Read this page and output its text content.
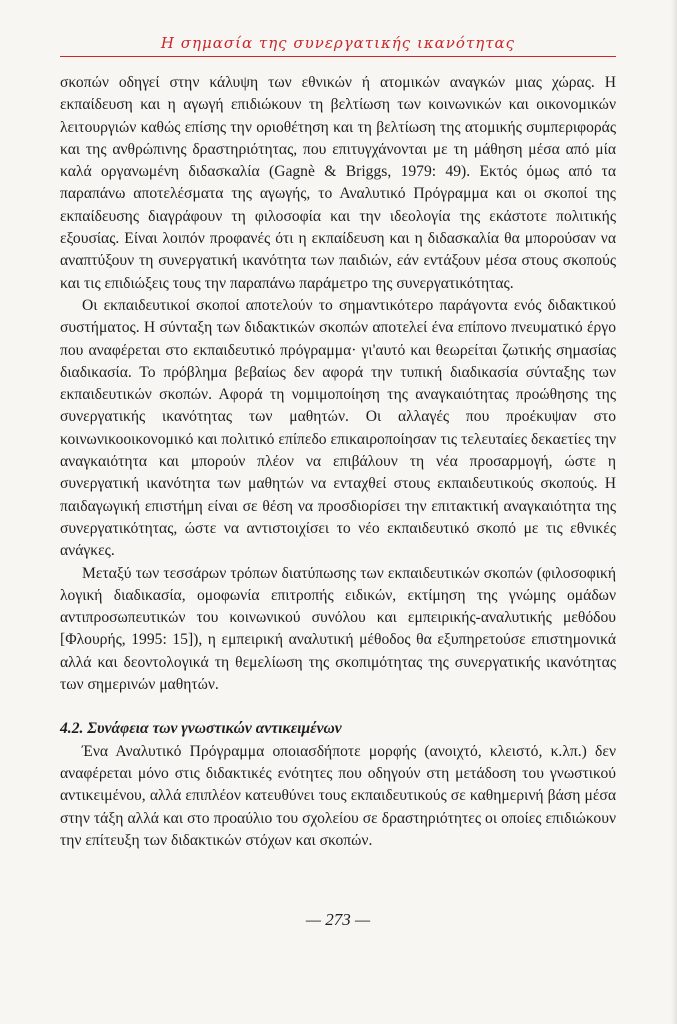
Η σημασία της συνεργατικής ικανότητας

σκοπών οδηγεί στην κάλυψη των εθνικών ή ατομικών αναγκών μιας χώρας. Η εκπαίδευση και η αγωγή επιδιώκουν τη βελτίωση των κοινωνικών και οικονομικών λειτουργιών καθώς επίσης την οριοθέτηση και τη βελτίωση της ατομικής συμπεριφοράς και της ανθρώπινης δραστηριότητας, που επιτυγχάνονται με τη μάθηση μέσα από μία καλά οργανωμένη διδασκαλία (Gagnè & Briggs, 1979: 49). Εκτός όμως από τα παραπάνω αποτελέσματα της αγωγής, το Αναλυτικό Πρόγραμμα και οι σκοποί της εκπαίδευσης διαγράφουν τη φιλοσοφία και την ιδεολογία της εκάστοτε πολιτικής εξουσίας. Είναι λοιπόν προφανές ότι η εκπαίδευση και η διδασκαλία θα μπορούσαν να αναπτύξουν τη συνεργατική ικανότητα των παιδιών, εάν εντάξουν μέσα στους σκοπούς και τις επιδιώξεις τους την παραπάνω παράμετρο της συνεργατικότητας.

Οι εκπαιδευτικοί σκοποί αποτελούν το σημαντικότερο παράγοντα ενός διδακτικού συστήματος. Η σύνταξη των διδακτικών σκοπών αποτελεί ένα επίπονο πνευματικό έργο που αναφέρεται στο εκπαιδευτικό πρόγραμμα· γι'αυτό και θεωρείται ζωτικής σημασίας διαδικασία. Το πρόβλημα βεβαίως δεν αφορά την τυπική διαδικασία σύνταξης των εκπαιδευτικών σκοπών. Αφορά τη νομιμοποίηση της αναγκαιότητας προώθησης της συνεργατικής ικανότητας των μαθητών. Οι αλλαγές που προέκυψαν στο κοινωνικοοικονομικό και πολιτικό επίπεδο επικαιροποίησαν τις τελευταίες δεκαετίες την αναγκαιότητα και μπορούν πλέον να επιβάλουν τη νέα προσαρμογή, ώστε η συνεργατική ικανότητα των μαθητών να ενταχθεί στους εκπαιδευτικούς σκοπούς. Η παιδαγωγική επιστήμη είναι σε θέση να προσδιορίσει την επιτακτική αναγκαιότητα της συνεργατικότητας, ώστε να αντιστοιχίσει το νέο εκπαιδευτικό σκοπό με τις εθνικές ανάγκες.

Μεταξύ των τεσσάρων τρόπων διατύπωσης των εκπαιδευτικών σκοπών (φιλοσοφική λογική διαδικασία, ομοφωνία επιτροπής ειδικών, εκτίμηση της γνώμης ομάδων αντιπροσωπευτικών του κοινωνικού συνόλου και εμπειρικής-αναλυτικής μεθόδου [Φλουρής, 1995: 15]), η εμπειρική αναλυτική μέθοδος θα εξυπηρετούσε επιστημονικά αλλά και δεοντολογικά τη θεμελίωση της σκοπιμότητας της συνεργατικής ικανότητας των σημερινών μαθητών.

4.2. Συνάφεια των γνωστικών αντικειμένων

Ένα Αναλυτικό Πρόγραμμα οποιασδήποτε μορφής (ανοιχτό, κλειστό, κ.λπ.) δεν αναφέρεται μόνο στις διδακτικές ενότητες που οδηγούν στη μετάδοση του γνωστικού αντικειμένου, αλλά επιπλέον κατευθύνει τους εκπαιδευτικούς σε καθημερινή βάση μέσα στην τάξη αλλά και στο προαύλιο του σχολείου σε δραστηριότητες οι οποίες επιδιώκουν την επίτευξη των διδακτικών στόχων και σκοπών.

— 273 —
